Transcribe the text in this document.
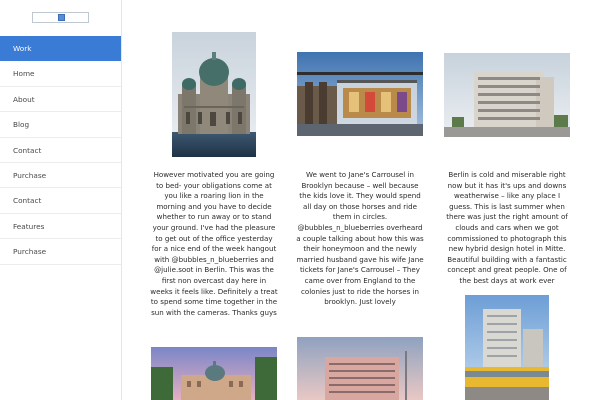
Work
Home
About
Blog
Contact
Purchase
Contact
Features
Purchase

However motivated you are going to bed- your obligations come at you like a roaring lion in the morning and you have to decide whether to run away or to stand your ground. I've had the pleasure to get out of the office yesterday for a nice end of the week hangout with @bubbles_n_blueberries and @julie.soot in Berlin. This was the first non overcast day here in weeks it feels like. Definitely a treat to spend some time together in the sun with the cameras. Thanks guys

We went to Jane's Carrousel in Brooklyn because – well because the kids love it. They would spend all day on those horses and ride them in circles. @bubbles_n_blueberries overheard a couple talking about how this was their honeymoon and the newly married husband gave his wife Jane tickets for Jane's Carrousel – They came over from England to the colonies just to ride the horses in brooklyn. Just lovely

Berlin is cold and miserable right now but it has it's ups and downs weatherwise – like any place I guess. This is last summer when there was just the right amount of clouds and cars when we got commissioned to photograph this new hybrid design hotel in Mitte. Beautiful building with a fantastic concept and great people. One of the best days at work ever
